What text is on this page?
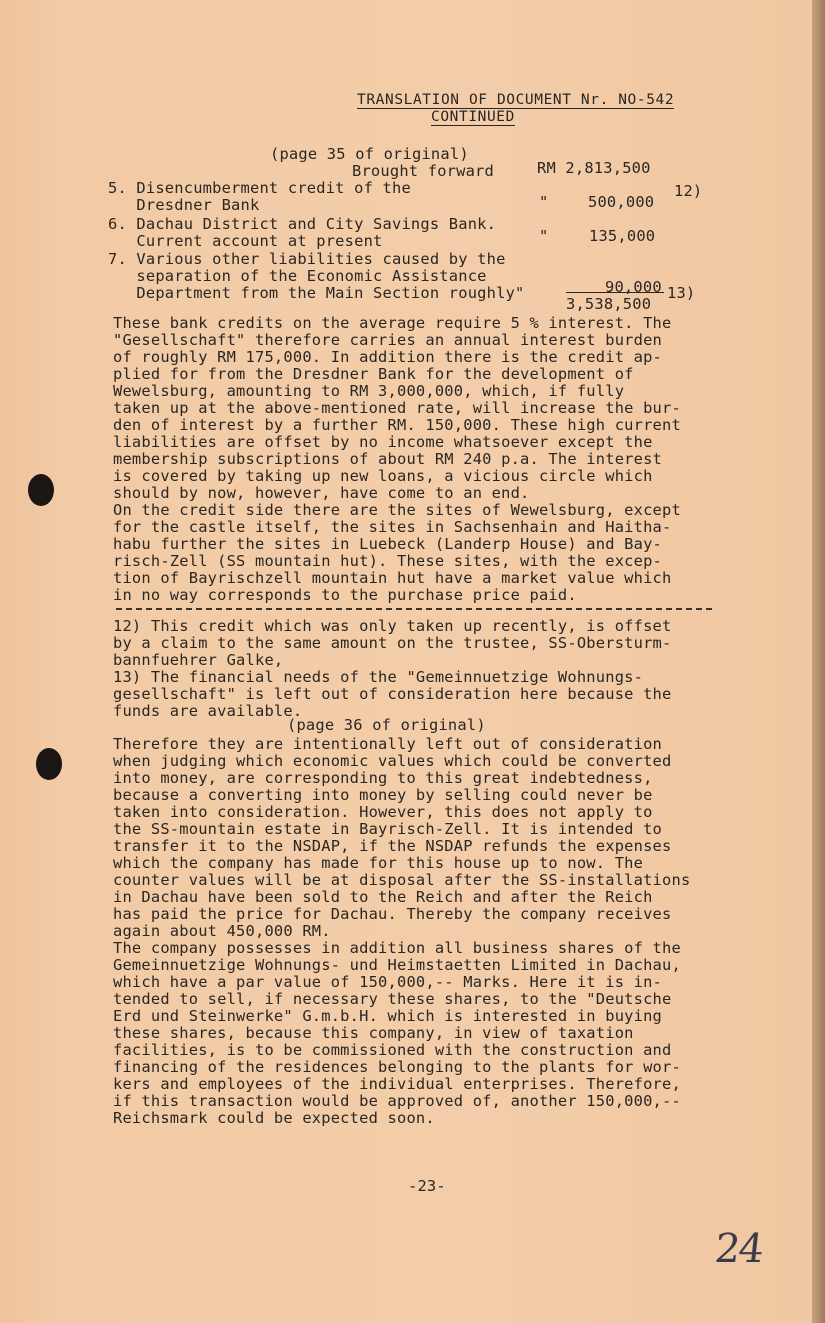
TRANSLATION OF DOCUMENT Nr. NO-542
CONTINUED
(page 35 of original)
Brought forward	RM 2,813,500
5. Disencumberment credit of the
Dresdner Bank	"	500,000
12)
6. Dachau District and City Savings Bank.
Current account at present	"	135,000
7. Various other liabilities caused by the
separation of the Economic Assistance
Department from the Main Section roughly"	90,000 13)
3,538,500
These bank credits on the average require 5 % interest. The
"Gesellschaft" therefore carries an annual interest burden
of roughly RM 175,000. In addition there is the credit ap-
plied for from the Dresdner Bank for the development of
Wewelsburg, amounting to RM 3,000,000, which, if fully
taken up at the above-mentioned rate, will increase the bur-
den of interest by a further RM. 150,000. These high current
liabilities are offset by no income whatsoever except the
membership subscriptions of about RM 240 p.a. The interest
is covered by taking up new loans, a vicious circle which
should by now, however, have come to an end.
On the credit side there are the sites of Wewelsburg, except
for the castle itself, the sites in Sachsenhain and Haitha-
habu further the sites in Luebeck (Landerp House) and Bay-
risch-Zell (SS mountain hut). These sites, with the excep-
tion of Bayrischzell mountain hut have a market value which
in no way corresponds to the purchase price paid.
12) This credit which was only taken up recently, is offset
by a claim to the same amount on the trustee, SS-Obersturm-
bannfuehrer Galke,
13) The financial needs of the "Gemeinnuetzige Wohnungs-
gesellschaft" is left out of consideration here because the
funds are available.
(page 36 of original)
Therefore they are intentionally left out of consideration
when judging which economic values which could be converted
into money, are corresponding to this great indebtedness,
because a converting into money by selling could never be
taken into consideration. However, this does not apply to
the SS-mountain estate in Bayrisch-Zell. It is intended to
transfer it to the NSDAP, if the NSDAP refunds the expenses
which the company has made for this house up to now. The
counter values will be at disposal after the SS-installations
in Dachau have been sold to the Reich and after the Reich
has paid the price for Dachau. Thereby the company receives
again about 450,000 RM.
The company possesses in addition all business shares of the
Gemeinnuetzige Wohnungs- und Heimstaetten Limited in Dachau,
which have a par value of 150,000,-- Marks. Here it is in-
tended to sell, if necessary these shares, to the "Deutsche
Erd und Steinwerke" G.m.b.H. which is interested in buying
these shares, because this company, in view of taxation
facilities, is to be commissioned with the construction and
financing of the residences belonging to the plants for wor-
kers and employees of the individual enterprises. Therefore,
if this transaction would be approved of, another 150,000,--
Reichsmark could be expected soon.
-23-
24
